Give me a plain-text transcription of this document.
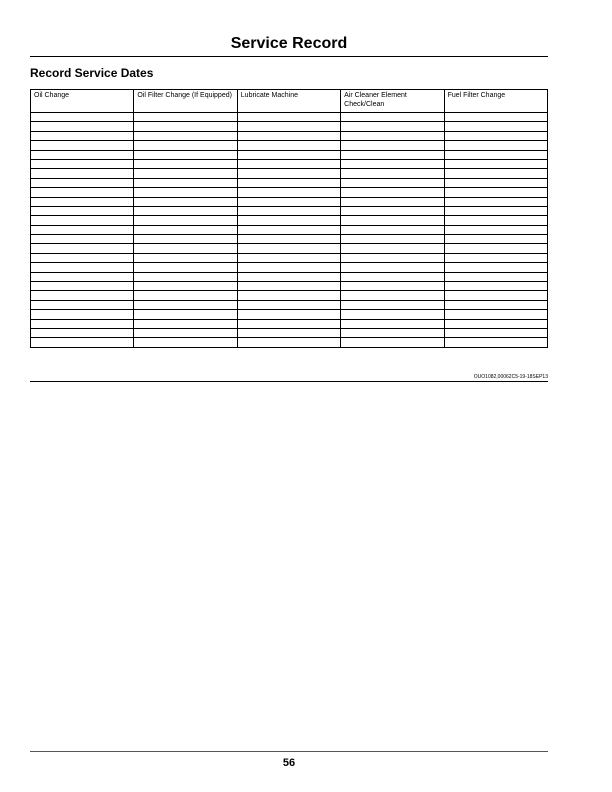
Service Record
Record Service Dates
Oil Change	Oil Filter Change (If Equipped)	Lubricate Machine	Air Cleaner Element Check/Clean	Fuel Filter Change

OUO1082,00062C5-19-18SEP13
56
